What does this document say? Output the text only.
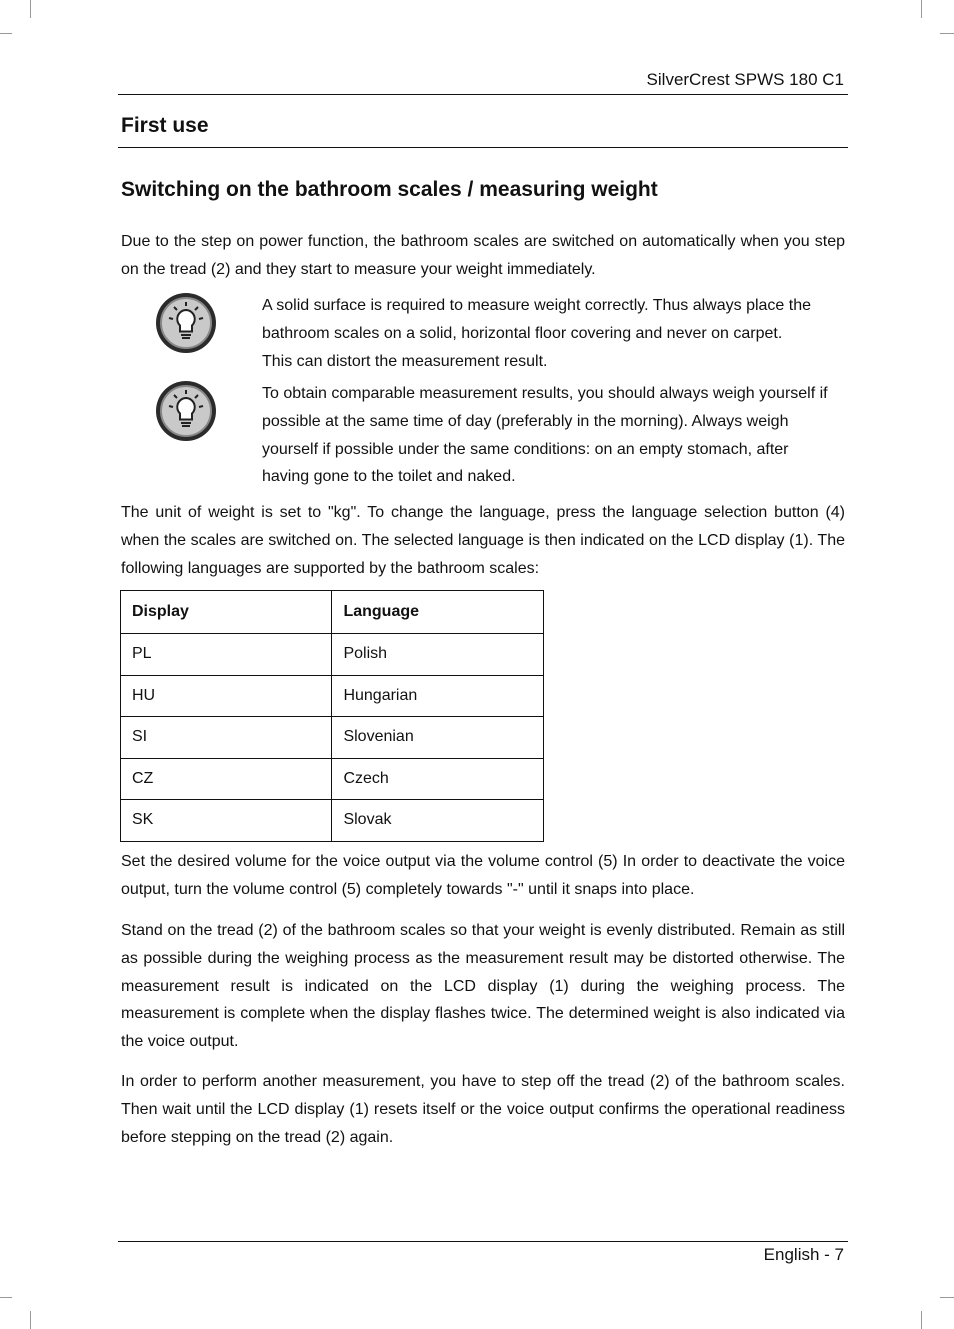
SilverCrest SPWS 180 C1
First use
Switching on the bathroom scales / measuring weight

Due to the step on power function, the bathroom scales are switched on automatically when you step on the tread (2) and they start to measure your weight immediately.

A solid surface is required to measure weight correctly. Thus always place the bathroom scales on a solid, horizontal floor covering and never on carpet.

This can distort the measurement result.

To obtain comparable measurement results, you should always weigh yourself if possible at the same time of day (preferably in the morning). Always weigh yourself if possible under the same conditions: on an empty stomach, after having gone to the toilet and naked.

The unit of weight is set to "kg". To change the language, press the language selection button (4) when the scales are switched on. The selected language is then indicated on the LCD display (1). The following languages are supported by the bathroom scales:

Display	Language
PL	Polish
HU	Hungarian
SI	Slovenian
CZ	Czech
SK	Slovak

Set the desired volume for the voice output via the volume control (5) In order to deactivate the voice output, turn the volume control (5) completely towards "-" until it snaps into place.

Stand on the tread (2) of the bathroom scales so that your weight is evenly distributed. Remain as still as possible during the weighing process as the measurement result may be distorted otherwise. The measurement result is indicated on the LCD display (1) during the weighing process. The measurement is complete when the display flashes twice. The determined weight is also indicated via the voice output.

In order to perform another measurement, you have to step off the tread (2) of the bathroom scales. Then wait until the LCD display (1) resets itself or the voice output confirms the operational readiness before stepping on the tread (2) again.

English - 7
